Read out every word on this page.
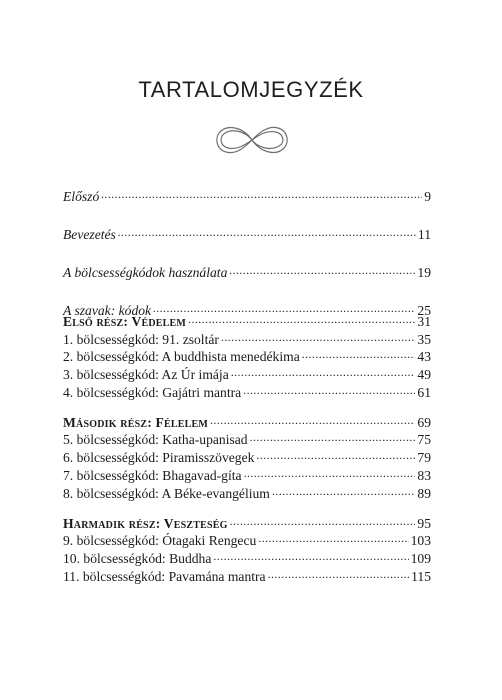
TARTALOMJEGYZÉK
Előszó .....	9
Bevezetés .....	11
A bölcsességkódok használata .....	19
A szavak: kódok .....	25
Első rész: Védelem .....	31
1. bölcsességkód: 91. zsoltár .....	35
2. bölcsességkód: A buddhista menedékima .....	43
3. bölcsességkód: Az Úr imája .....	49
4. bölcsességkód: Gajátri mantra .....	61
Második rész: Félelem .....	69
5. bölcsességkód: Katha-upanisad .....	75
6. bölcsességkód: Piramisszövegek .....	79
7. bölcsességkód: Bhagavad-gíta .....	83
8. bölcsességkód: A Béke-evangélium .....	89
Harmadik rész: Veszteség .....	95
9. bölcsességkód: Ótagaki Rengecu .....	103
10. bölcsességkód: Buddha .....	109
11. bölcsességkód: Pavamána mantra .....	115
